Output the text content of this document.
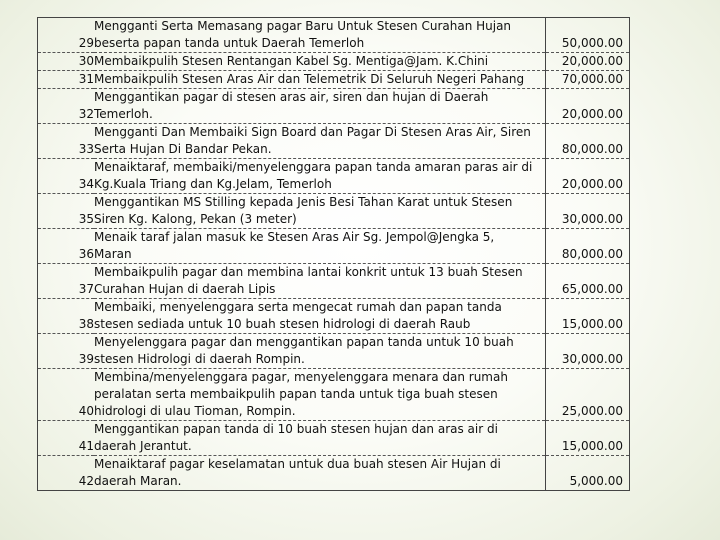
29	Mengganti Serta Memasang pagar Baru Untuk Stesen Curahan Hujan
beserta papan tanda untuk Daerah Temerloh	50,000.00
30	Membaikpulih Stesen Rentangan Kabel Sg. Mentiga@Jam. K.Chini	20,000.00
31	Membaikpulih Stesen Aras Air dan Telemetrik Di Seluruh Negeri Pahang	70,000.00
32	Menggantikan pagar di stesen aras air, siren dan hujan di Daerah
Temerloh.	20,000.00
33	Mengganti Dan Membaiki Sign Board dan Pagar Di Stesen Aras Air, Siren
Serta Hujan Di Bandar Pekan.	80,000.00
34	Menaiktaraf, membaiki/menyelenggara papan tanda amaran paras air di
Kg.Kuala Triang dan Kg.Jelam, Temerloh	20,000.00
35	Menggantikan MS Stilling kepada Jenis Besi Tahan Karat untuk Stesen
Siren Kg. Kalong, Pekan (3 meter)	30,000.00
36	Menaik taraf jalan masuk ke Stesen Aras Air Sg. Jempol@Jengka 5,
Maran	80,000.00
37	Membaikpulih pagar dan membina lantai konkrit untuk 13 buah Stesen
Curahan Hujan di daerah Lipis	65,000.00
38	Membaiki, menyelenggara serta mengecat rumah dan papan tanda
stesen sediada untuk 10 buah stesen hidrologi di daerah Raub	15,000.00
39	Menyelenggara pagar dan menggantikan papan tanda untuk 10 buah
stesen Hidrologi di daerah Rompin.	30,000.00
40	Membina/menyelenggara pagar, menyelenggara menara dan rumah
peralatan serta membaikpulih papan tanda untuk tiga buah stesen
hidrologi di ulau Tioman, Rompin.	25,000.00
41	Menggantikan papan tanda di 10 buah stesen hujan dan aras air di
daerah Jerantut.	15,000.00
42	Menaiktaraf pagar keselamatan untuk dua buah stesen Air Hujan di
daerah Maran.	5,000.00
